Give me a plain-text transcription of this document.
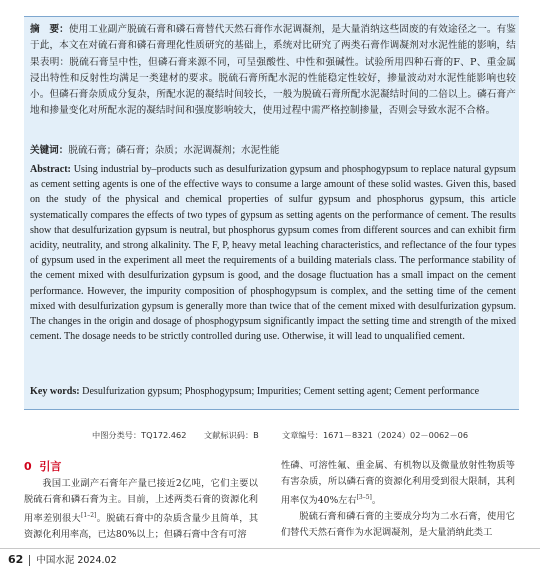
摘　要：使用工业副产脱硫石膏和磷石膏替代天然石膏作水泥调凝剂，是大量消纳这些固废的有效途径之一。有鉴于此，本文在对硫石膏和磷石膏理化性质研究的基础上，系统对比研究了两类石膏作调凝剂对水泥性能的影响，结果表明：脱硫石膏呈中性，但磷石膏来源不同，可呈强酸性、中性和强碱性。试验所用四种石膏的F、P、重金属浸出特性和反射性均满足一类建材的要求。脱硫石膏所配水泥的性能稳定性较好，掺量波动对水泥性能影响也较小。但磷石膏杂质成分复杂，所配水泥的凝结时间较长，一般为脱硫石膏所配水泥凝结时间的二倍以上。磷石膏产地和掺量变化对所配水泥的凝结时间和强度影响较大，使用过程中需严格控制掺量，否则会导致水泥不合格。
关键词：脱硫石膏；磷石膏；杂质；水泥调凝剂；水泥性能
Abstract: Using industrial by–products such as desulfurization gypsum and phosphogypsum to replace natural gypsum as cement setting agents is one of the effective ways to consume a large amount of these solid wastes. Given this, based on the study of the physical and chemical properties of sulfur gypsum and phosphorus gypsum, this article systematically compares the effects of two types of gypsum as setting agents on the performance of cement. The results show that desulfurization gypsum is neutral, but phosphorus gypsum comes from different sources and can exhibit firm acidity, neutrality, and strong alkalinity. The F, P, heavy metal leaching characteristics, and reflectance of the four types of gypsum used in the experiment all meet the requirements of a building materials class. The performance stability of the cement mixed with desulfurization gypsum is good, and the dosage fluctuation has a small impact on the cement performance. However, the impurity composition of phosphogypsum is complex, and the setting time of the cement mixed with desulfurization gypsum is generally more than twice that of the cement mixed with desulfurization gypsum. The changes in the origin and dosage of phosphogypsum significantly impact the setting time and strength of the mixed cement. The dosage needs to be strictly controlled during use. Otherwise, it will lead to unqualified cement.
Key words: Desulfurization gypsum; Phosphogypsum; Impurities; Cement setting agent; Cement performance
中图分类号：TQ172.462 文献标识码：B	文章编号：1671－8321（2024）02－0062－06
0 引言

我国工业副产石膏年产量已接近2亿吨，它们主要以脱硫石膏和磷石膏为主。目前，上述两类石膏的资源化利用率差别很大[1–2]。脱硫石膏中的杂质含量少且简单，其资源化利用率高，已达80%以上；但磷石膏中含有可溶

性磷、可溶性氟、重金属、有机物以及微量放射性物质等有害杂质，所以磷石膏的资源化利用受到很大限制，其利用率仅为40%左右[3–5]。

脱硫石膏和磷石膏的主要成分均为二水石膏，使用它们替代天然石膏作为水泥调凝剂，是大量消纳此类工

62 中国水泥 2024.02
